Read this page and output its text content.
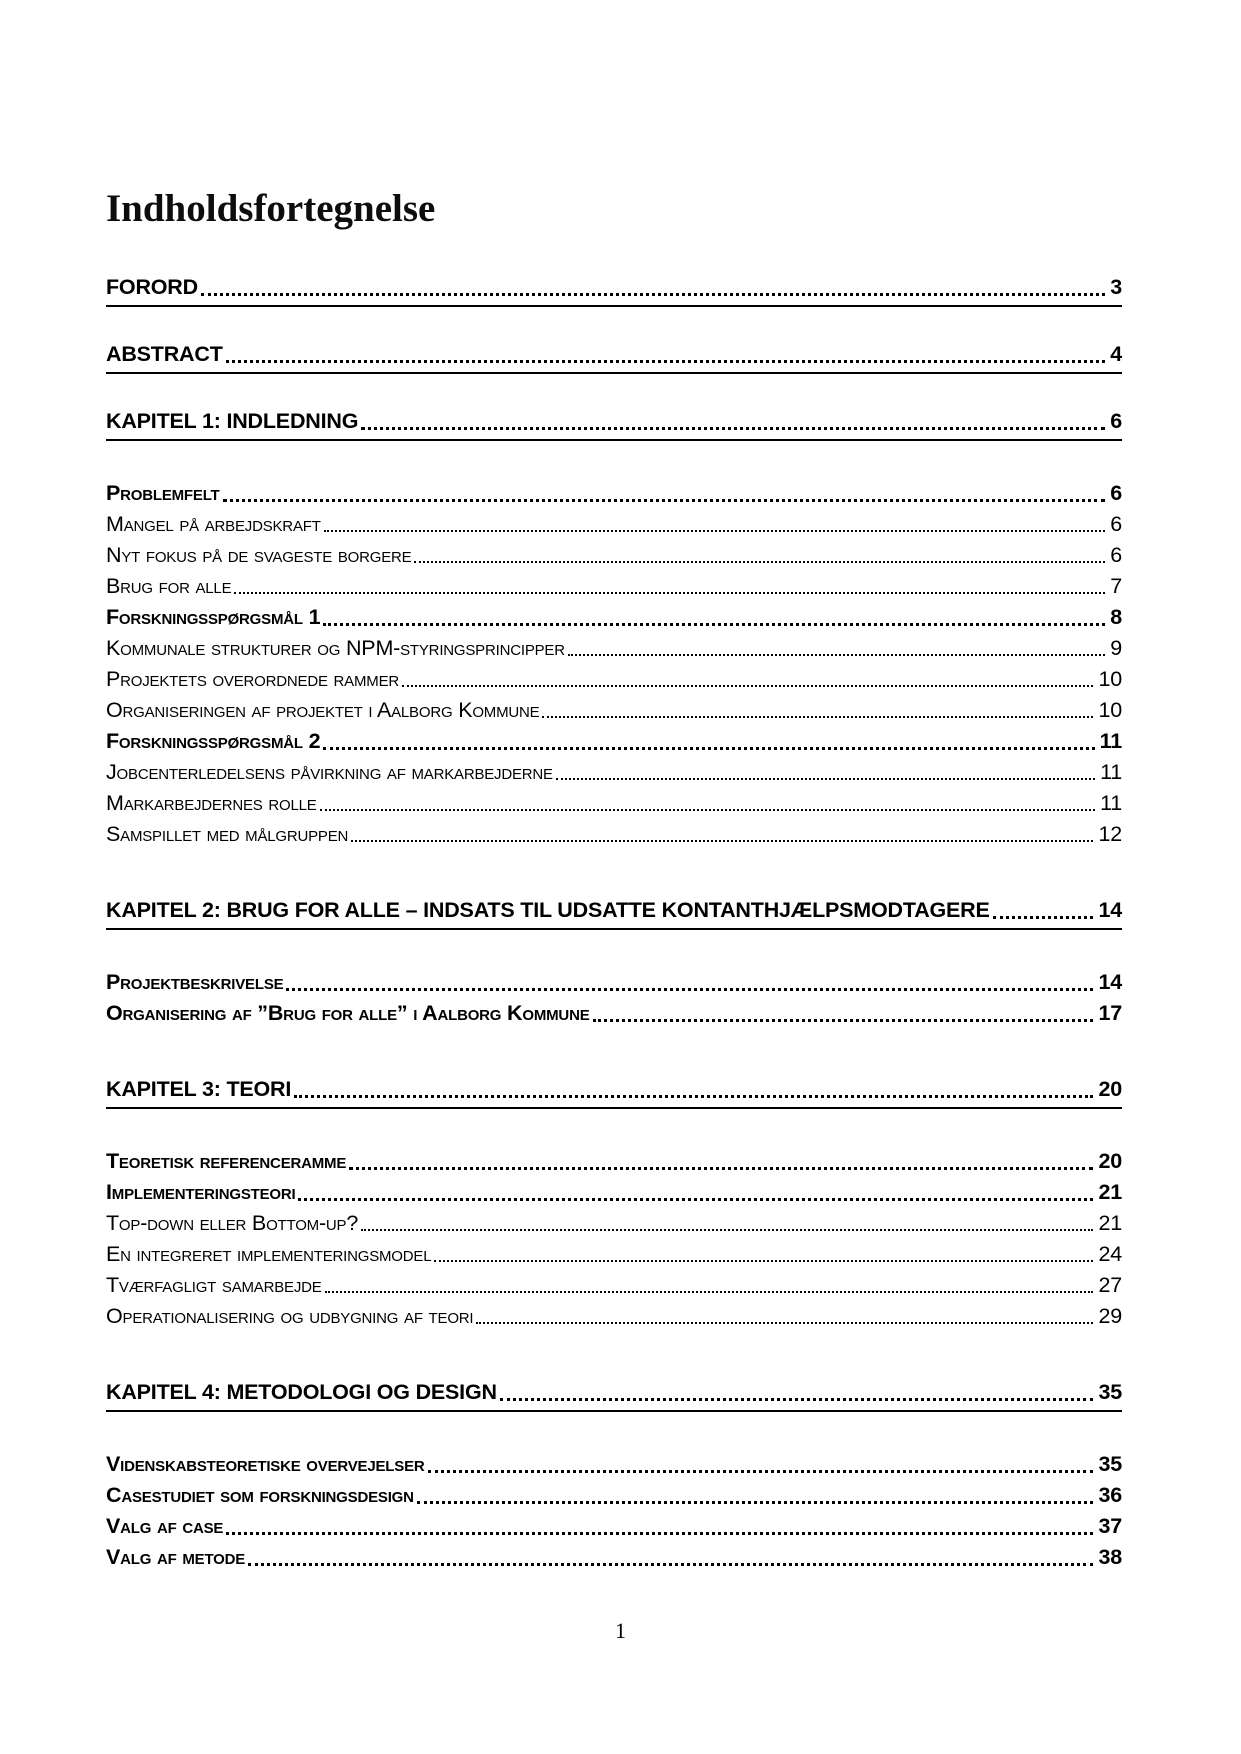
Indholdsfortegnelse
FORORD	3
ABSTRACT	4
KAPITEL 1: INDLEDNING	6
Problemfelt	6
Mangel på arbejdskraft	6
Nyt fokus på de svageste borgere	6
Brug for alle	7
Forskningsspørgsmål 1	8
Kommunale strukturer og NPM-styringsprincipper	9
Projektets overordnede rammer	10
Organiseringen af projektet i Aalborg Kommune	10
Forskningsspørgsmål 2	11
Jobcenterledelsens påvirkning af markarbejderne	11
Markarbejdernes rolle	11
Samspillet med målgruppen	12
KAPITEL 2: BRUG FOR ALLE – INDSATS TIL UDSATTE KONTANTHJÆLPSMODTAGERE	14
Projektbeskrivelse	14
Organisering af ”Brug for alle” i Aalborg Kommune	17
KAPITEL 3: TEORI	20
Teoretisk referenceramme	20
Implementeringsteori	21
Top-down eller Bottom-up?	21
En integreret implementeringsmodel	24
Tværfagligt samarbejde	27
Operationalisering og udbygning af teori	29
KAPITEL 4: METODOLOGI OG DESIGN	35
Videnskabsteoretiske overvejelser	35
Casestudiet som forskningsdesign	36
Valg af case	37
Valg af metode	38
1
